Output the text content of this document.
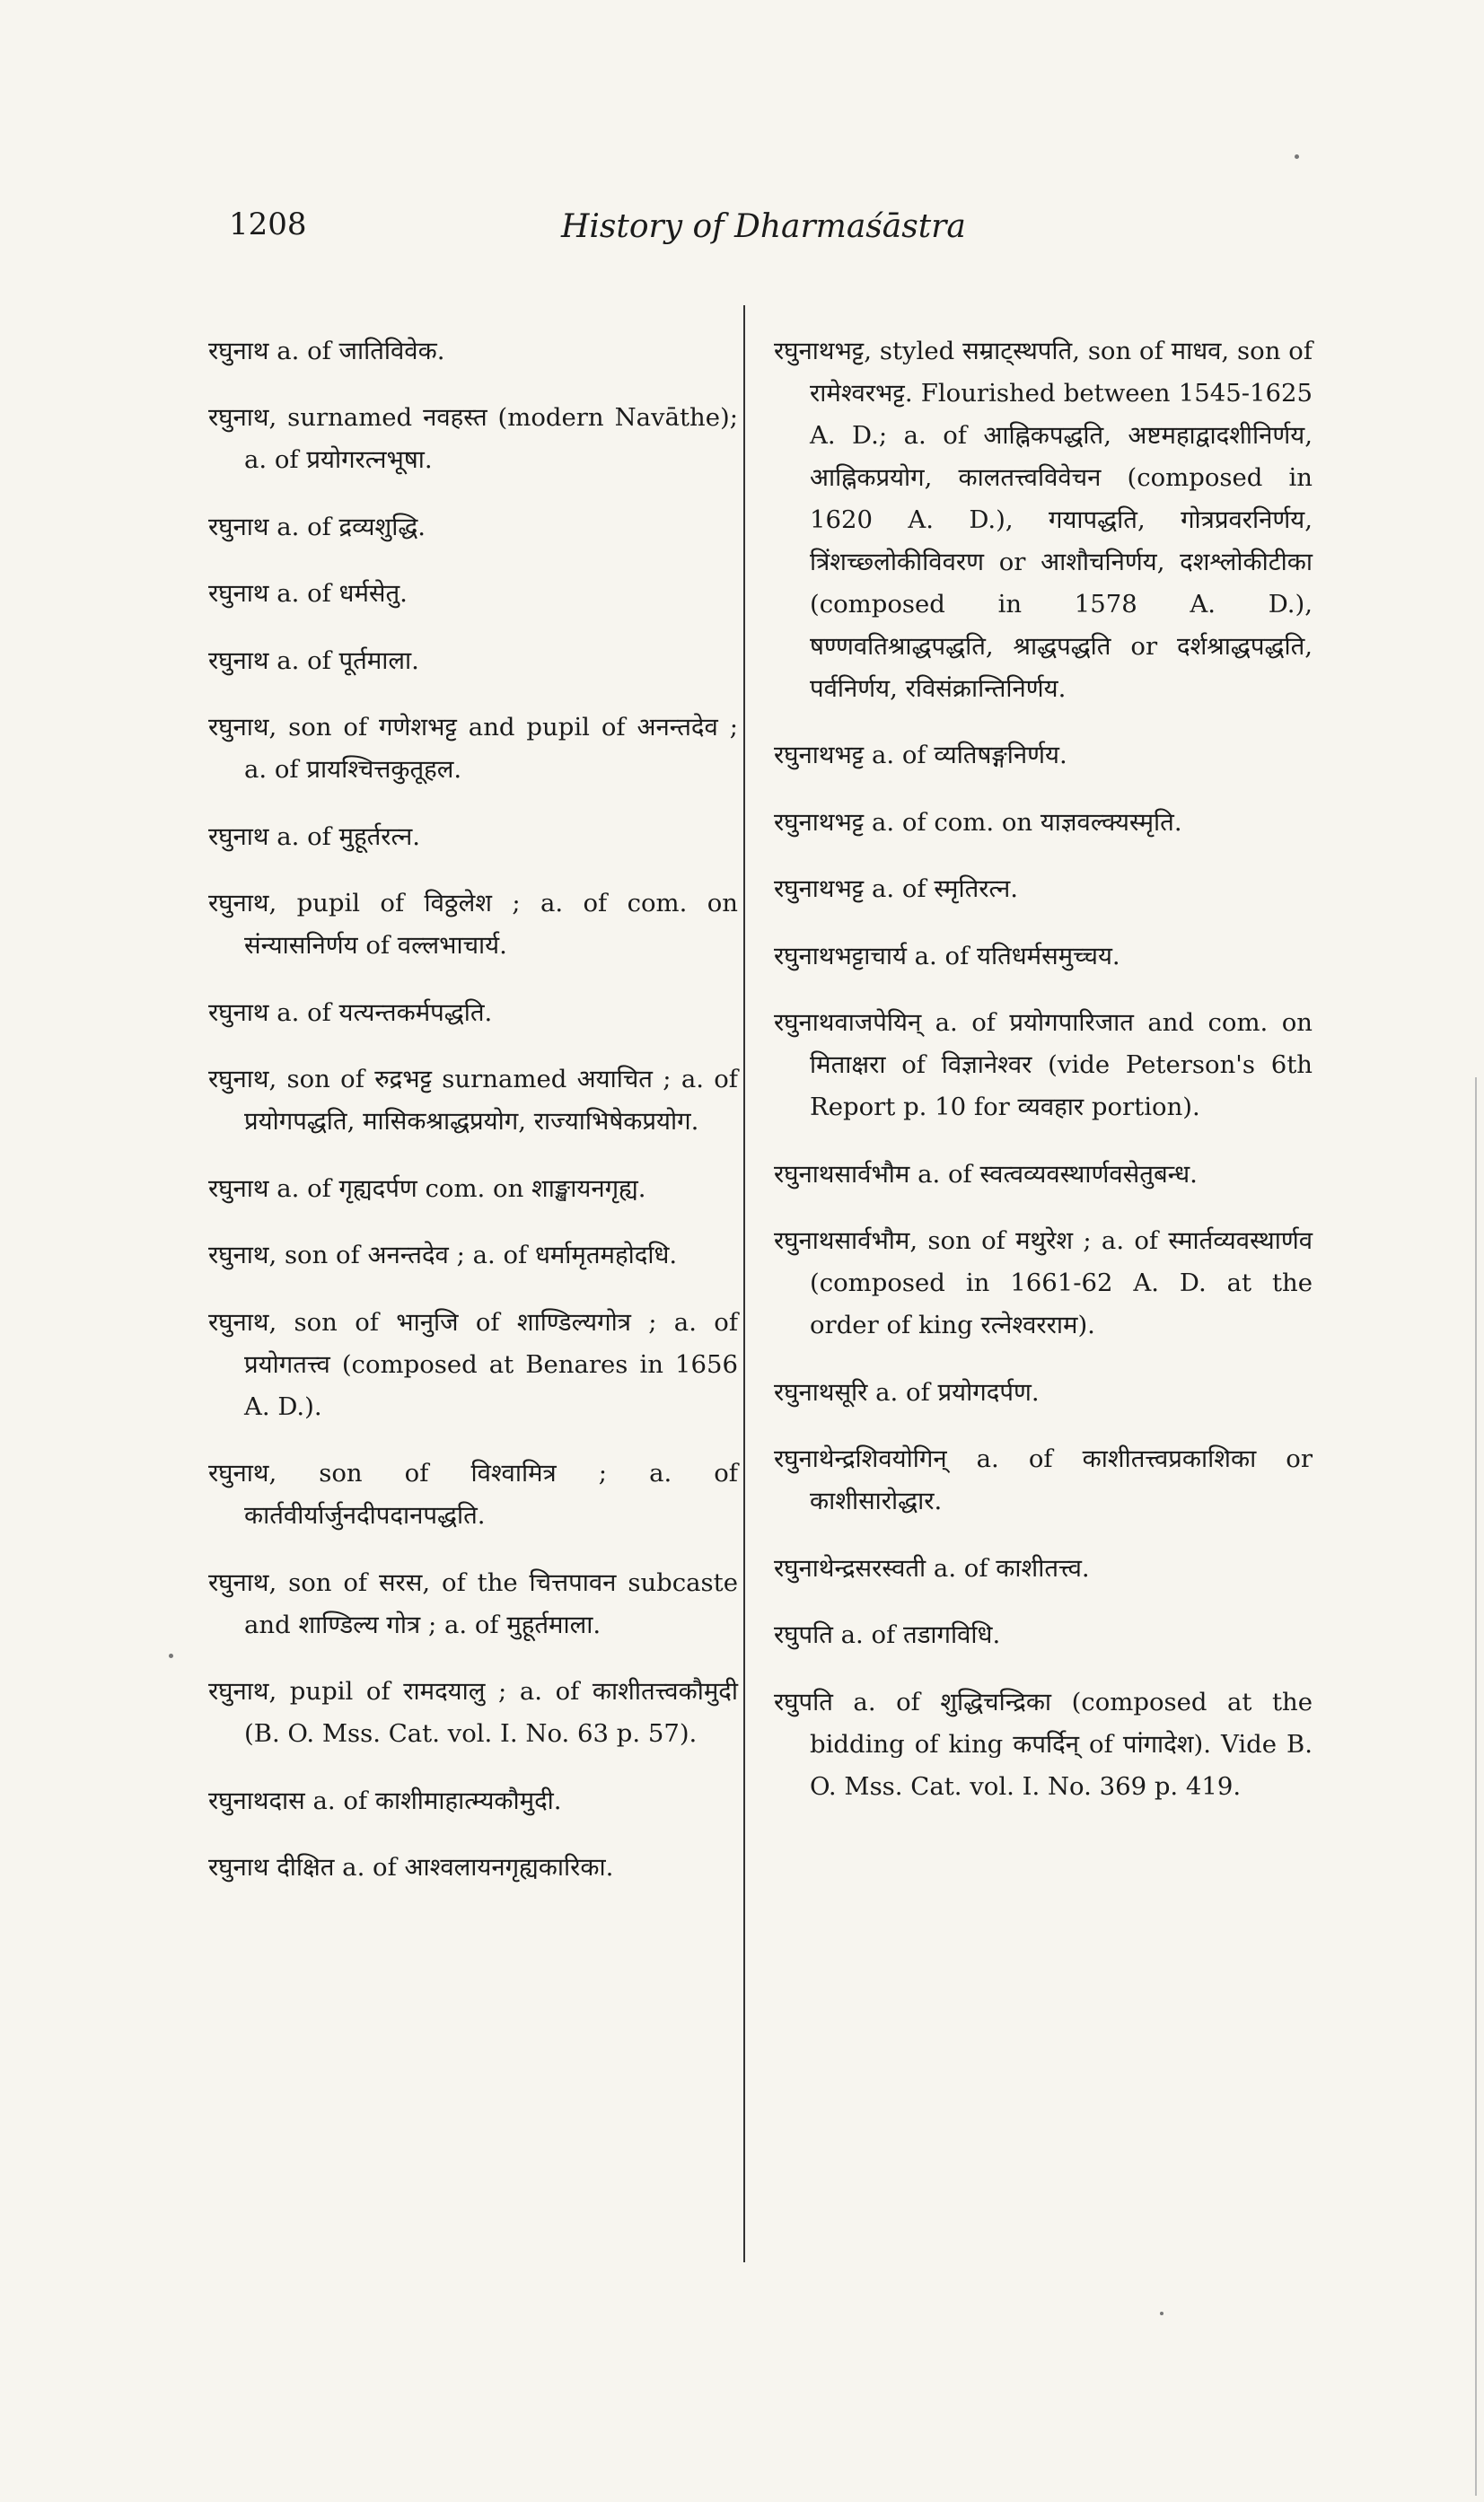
1208	History of Dharmaśāstra

रघुनाथ a. of जातिविवेक.

रघुनाथ, surnamed नवहस्त (modern Navāthe); a. of प्रयोगरत्नभूषा.

रघुनाथ a. of द्रव्यशुद्धि.

रघुनाथ a. of धर्मसेतु.

रघुनाथ a. of पूर्तमाला.

रघुनाथ, son of गणेशभट्ट and pupil of अनन्तदेव ; a. of प्रायश्चित्तकुतूहल.

रघुनाथ a. of मुहूर्तरत्न.

रघुनाथ, pupil of विठ्ठलेश ; a. of com. on संन्यासनिर्णय of वल्लभाचार्य.

रघुनाथ a. of यत्यन्तकर्मपद्धति.

रघुनाथ, son of रुद्रभट्ट surnamed अयाचित ; a. of प्रयोगपद्धति, मासिकश्राद्धप्रयोग, राज्याभिषेकप्रयोग.

रघुनाथ a. of गृह्यदर्पण com. on शाङ्खायनगृह्य.

रघुनाथ, son of अनन्तदेव ; a. of धर्मामृतमहोदधि.

रघुनाथ, son of भानुजि of शाण्डिल्यगोत्र ; a. of प्रयोगतत्त्व (composed at Benares in 1656 A. D.).

रघुनाथ, son of विश्वामित्र ; a. of कार्तवीर्यार्जुनदीपदानपद्धति.

रघुनाथ, son of सरस, of the चित्तपावन subcaste and शाण्डिल्य गोत्र ; a. of मुहूर्तमाला.

रघुनाथ, pupil of रामदयालु ; a. of काशीतत्त्वकौमुदी (B. O. Mss. Cat. vol. I. No. 63 p. 57).

रघुनाथदास a. of काशीमाहात्म्यकौमुदी.

रघुनाथ दीक्षित a. of आश्वलायनगृह्यकारिका.

रघुनाथभट्ट, styled सम्राट्स्थपति, son of माधव, son of रामेश्वरभट्ट. Flourished between 1545-1625 A. D.; a. of आह्निकपद्धति, अष्टमहाद्वादशीनिर्णय, आह्निकप्रयोग, कालतत्त्वविवेचन (composed in 1620 A. D.), गयापद्धति, गोत्रप्रवरनिर्णय, त्रिंशच्छ्लोकीविवरण or आशौचनिर्णय, दशश्लोकीटीका (composed in 1578 A. D.), षण्णवतिश्राद्धपद्धति, श्राद्धपद्धति or दर्शश्राद्धपद्धति, पर्वनिर्णय, रविसंक्रान्तिनिर्णय.

रघुनाथभट्ट a. of व्यतिषङ्गनिर्णय.

रघुनाथभट्ट a. of com. on याज्ञवल्क्यस्मृति.

रघुनाथभट्ट a. of स्मृतिरत्न.

रघुनाथभट्टाचार्य a. of यतिधर्मसमुच्चय.

रघुनाथवाजपेयिन् a. of प्रयोगपारिजात and com. on मिताक्षरा of विज्ञानेश्वर (vide Peterson's 6th Report p. 10 for व्यवहार portion).

रघुनाथसार्वभौम a. of स्वत्वव्यवस्थार्णवसेतुबन्ध.

रघुनाथसार्वभौम, son of मथुरेश ; a. of स्मार्तव्यवस्थार्णव (composed in 1661-62 A. D. at the order of king रत्नेश्वरराम).

रघुनाथसूरि a. of प्रयोगदर्पण.

रघुनाथेन्द्रशिवयोगिन् a. of काशीतत्त्वप्रकाशिका or काशीसारोद्धार.

रघुनाथेन्द्रसरस्वती a. of काशीतत्त्व.

रघुपति a. of तडागविधि.

रघुपति a. of शुद्धिचन्द्रिका (composed at the bidding of king कपर्दिन् of पांगादेश). Vide B. O. Mss. Cat. vol. I. No. 369 p. 419.
